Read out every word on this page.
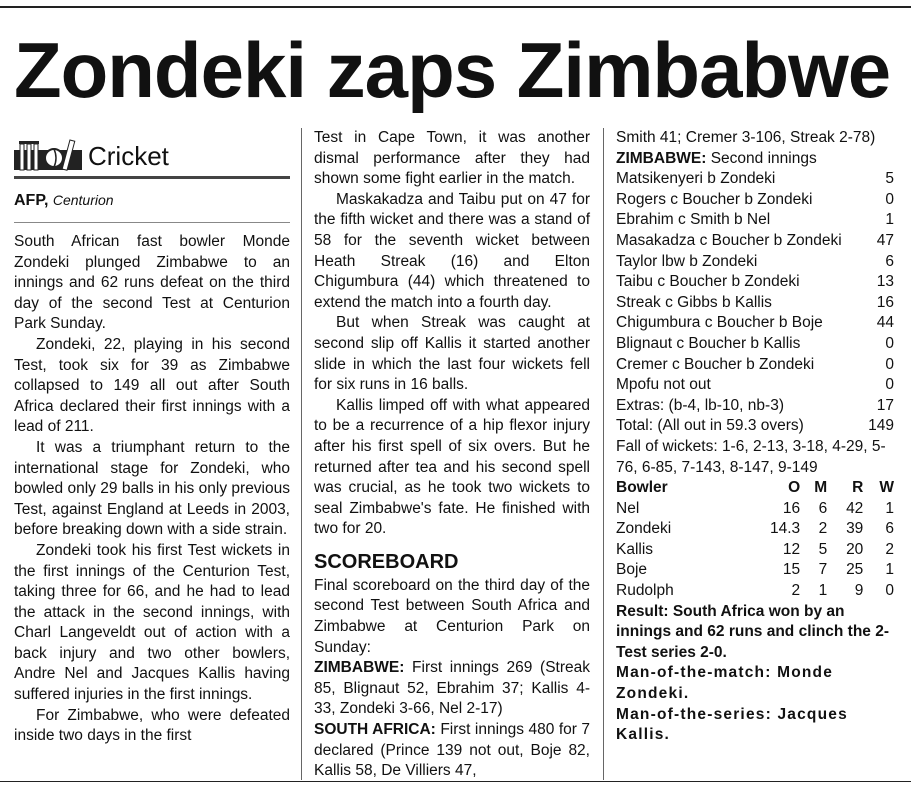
Zondeki zaps Zimbabwe
Cricket
AFP, Centurion

South African fast bowler Monde Zondeki plunged Zimbabwe to an innings and 62 runs defeat on the third day of the second Test at Centurion Park Sunday.

Zondeki, 22, playing in his second Test, took six for 39 as Zimbabwe collapsed to 149 all out after South Africa declared their first innings with a lead of 211.

It was a triumphant return to the international stage for Zondeki, who bowled only 29 balls in his only previous Test, against England at Leeds in 2003, before breaking down with a side strain.

Zondeki took his first Test wickets in the first innings of the Centurion Test, taking three for 66, and he had to lead the attack in the second innings, with Charl Langeveldt out of action with a back injury and two other bowlers, Andre Nel and Jacques Kallis having suffered injuries in the first innings.

For Zimbabwe, who were defeated inside two days in the first

Test in Cape Town, it was another dismal performance after they had shown some fight earlier in the match.

Maskakadza and Taibu put on 47 for the fifth wicket and there was a stand of 58 for the seventh wicket between Heath Streak (16) and Elton Chigumbura (44) which threatened to extend the match into a fourth day.

But when Streak was caught at second slip off Kallis it started another slide in which the last four wickets fell for six runs in 16 balls.

Kallis limped off with what appeared to be a recurrence of a hip flexor injury after his first spell of six overs. But he returned after tea and his second spell was crucial, as he took two wickets to seal Zimbabwe's fate. He finished with two for 20.

SCOREBOARD

Final scoreboard on the third day of the second Test between South Africa and Zimbabwe at Centurion Park on Sunday:

ZIMBABWE: First innings 269 (Streak 85, Blignaut 52, Ebrahim 37; Kallis 4-33, Zondeki 3-66, Nel 2-17)

SOUTH AFRICA: First innings 480 for 7 declared (Prince 139 not out, Boje 82, Kallis 58, De Villiers 47,

Smith 41; Cremer 3-106, Streak 2-78)

ZIMBABWE: Second innings
Matsikenyeri b Zondeki	5
Rogers c Boucher b Zondeki	0
Ebrahim c Smith b Nel	1
Masakadza c Boucher b Zondeki	47
Taylor lbw b Zondeki	6
Taibu c Boucher b Zondeki	13
Streak c Gibbs b Kallis	16
Chigumbura c Boucher b Boje	44
Blignaut c Boucher b Kallis	0
Cremer c Boucher b Zondeki	0
Mpofu not out	0
Extras: (b-4, lb-10, nb-3)	17
Total: (All out in 59.3 overs)	149

Fall of wickets: 1-6, 2-13, 3-18, 4-29, 5-76, 6-85, 7-143, 8-147, 9-149

Bowler	O	M	R	W
Nel	16	6	42	1
Zondeki	14.3	2	39	6
Kallis	12	5	20	2
Boje	15	7	25	1
Rudolph	2	1	9	0

Result: South Africa won by an innings and 62 runs and clinch the 2-Test series 2-0.

Man-of-the-match: Monde Zondeki.

Man-of-the-series: Jacques Kallis.
